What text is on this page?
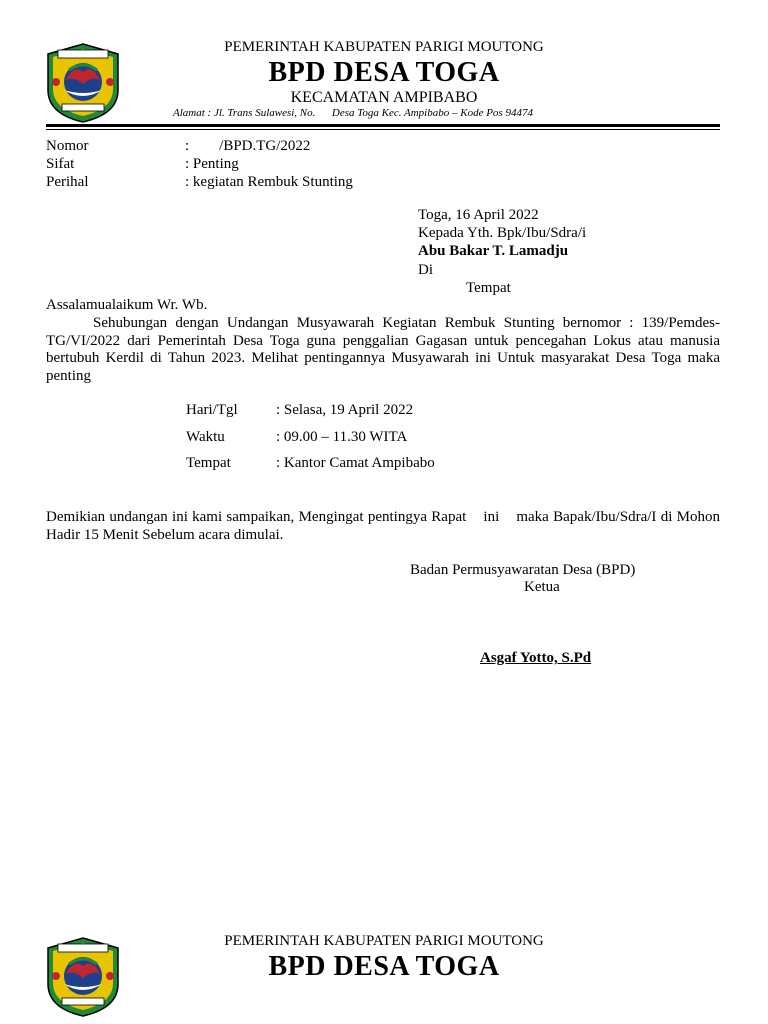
PEMERINTAH KABUPATEN PARIGI MOUTONG
BPD DESA TOGA
KECAMATAN AMPIBABO
Alamat : Jl. Trans Sulawesi, No. Desa Toga Kec. Ampibabo – Kode Pos 94474
Nomor	:        /BPD.TG/2022
Sifat	: Penting
Perihal	: kegiatan Rembuk Stunting
Toga, 16 April 2022
Kepada Yth. Bpk/Ibu/Sdra/i
Abu Bakar T. Lamadju
Di
Tempat
Assalamualaikum Wr. Wb.
Sehubungan dengan Undangan Musyawarah Kegiatan Rembuk Stunting bernomor : 139/Pemdes-TG/VI/2022 dari Pemerintah Desa Toga guna penggalian Gagasan untuk pencegahan Lokus atau manusia bertubuh Kerdil di Tahun 2023. Melihat pentingannya Musyawarah ini Untuk masyarakat Desa Toga maka penting
Hari/Tgl	: Selasa, 19 April 2022
Waktu	: 09.00 – 11.30 WITA
Tempat	: Kantor Camat Ampibabo
Demikian undangan ini kami sampaikan, Mengingat pentingya Rapat    ini    maka Bapak/Ibu/Sdra/I di Mohon Hadir 15 Menit Sebelum acara dimulai.
Badan Permusyawaratan Desa (BPD)
Ketua
Asgaf Yotto, S.Pd
PEMERINTAH KABUPATEN PARIGI MOUTONG
BPD DESA TOGA
